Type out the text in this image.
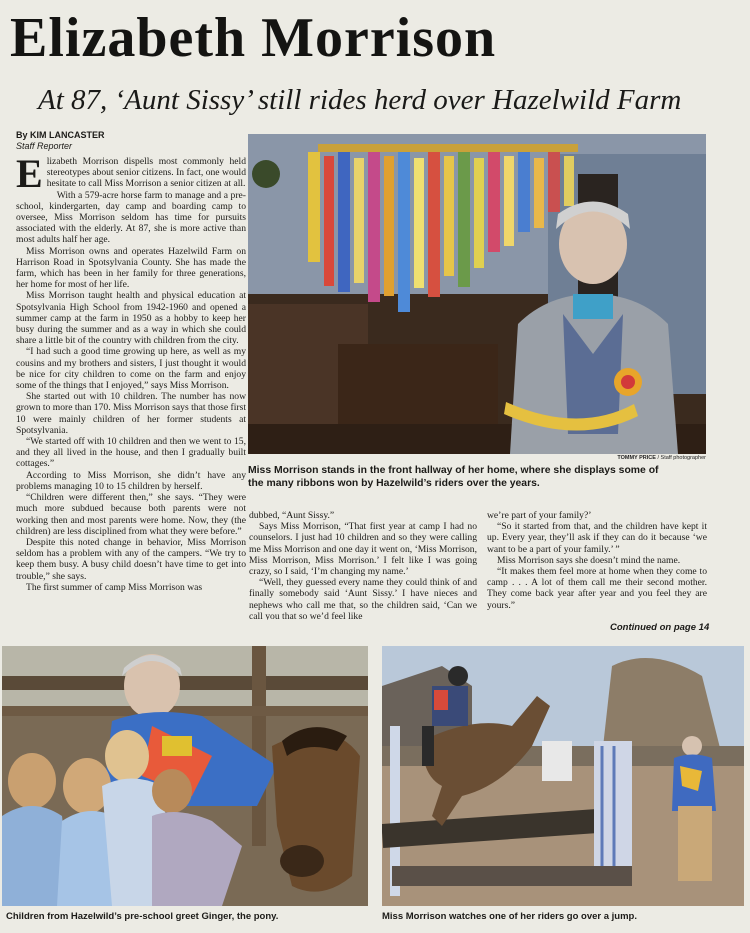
Elizabeth Morrison
At 87, ‘Aunt Sissy’ still rides herd over Hazelwild Farm
By KIM LANCASTER
Staff Reporter

Elizabeth Morrison dispells most commonly held stereotypes about senior citizens. In fact, one would hesitate to call Miss Morrison a senior citizen at all.

With a 579-acre horse farm to manage and a pre-school, kindergarten, day camp and boarding camp to oversee, Miss Morrison seldom has time for pursuits associated with the elderly. At 87, she is more active than most adults half her age.

Miss Morrison owns and operates Hazelwild Farm on Harrison Road in Spotsylvania County. She has made the farm, which has been in her family for three generations, her home for most of her life.

Miss Morrison taught health and physical education at Spotsylvania High School from 1942-1960 and opened a summer camp at the farm in 1950 as a hobby to keep her busy during the summer and as a way in which she could share a little bit of the country with children from the city.

“I had such a good time growing up here, as well as my cousins and my brothers and sisters, I just thought it would be nice for city children to come on the farm and enjoy some of the things that I enjoyed,” says Miss Morrison.

She started out with 10 children. The number has now grown to more than 170. Miss Morrison says that those first 10 were mainly children of her former students at Spotsylvania.

“We started off with 10 children and then we went to 15, and they all lived in the house, and then I gradually built cottages.”

According to Miss Morrison, she didn’t have any problems managing 10 to 15 children by herself.

“Children were different then,” she says. “They were much more subdued because both parents were not working then and most parents were home. Now, they (the children) are less disciplined from what they were before.”

Despite this noted change in behavior, Miss Morrison seldom has a problem with any of the campers. “We try to keep them busy. A busy child doesn’t have time to get into trouble,” she says.

The first summer of camp Miss Morrison was

TOMMY PRICE / Staff photographer
Miss Morrison stands in the front hallway of her home, where she displays some of the many ribbons won by Hazelwild’s riders over the years.

dubbed, “Aunt Sissy.”

Says Miss Morrison, “That first year at camp I had no counselors. I just had 10 children and so they were calling me Miss Morrison and one day it went on, ‘Miss Morrison, Miss Morrison, Miss Morrison.’ I felt like I was going crazy, so I said, ‘I’m changing my name.’

“Well, they guessed every name they could think of and finally somebody said ‘Aunt Sissy.’ I have nieces and nephews who call me that, so the children said, ‘Can we call you that so we’d feel like

we’re part of your family?’

“So it started from that, and the children have kept it up. Every year, they’ll ask if they can do it because ‘we want to be a part of your family.’ ”

Miss Morrison says she doesn’t mind the name.

“It makes them feel more at home when they come to camp . . . A lot of them call me their second mother. They come back year after year and you feel they are yours.”

Continued on page 14
Children from Hazelwild’s pre-school greet Ginger, the pony.	Miss Morrison watches one of her riders go over a jump.
